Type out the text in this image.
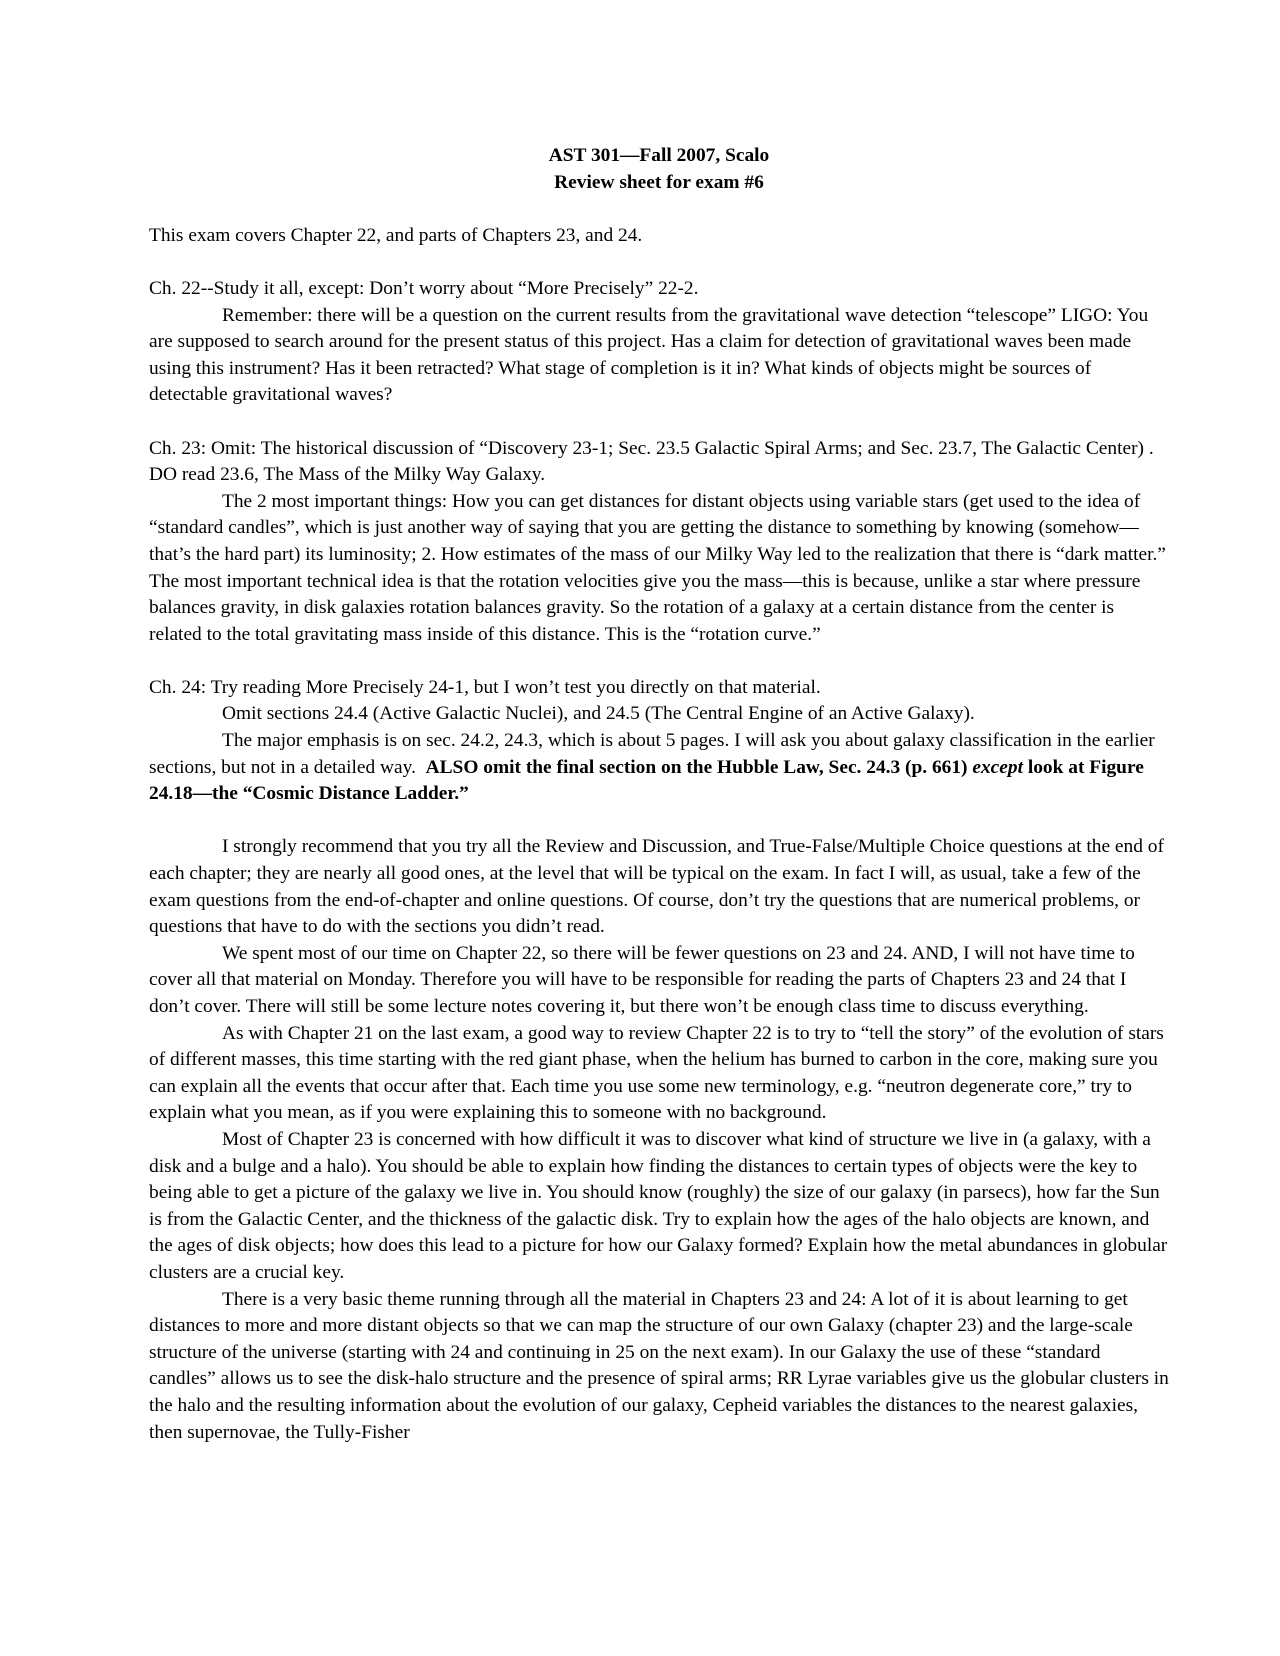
AST 301—Fall 2007, Scalo

Review sheet for exam #6

This exam covers Chapter 22, and parts of Chapters 23, and 24.

Ch. 22--Study it all, except: Don’t worry about “More Precisely” 22-2.

Remember: there will be a question on the current results from the gravitational wave detection “telescope” LIGO: You are supposed to search around for the present status of this project. Has a claim for detection of gravitational waves been made using this instrument? Has it been retracted? What stage of completion is it in? What kinds of objects might be sources of detectable gravitational waves?

Ch. 23: Omit: The historical discussion of “Discovery 23-1; Sec. 23.5 Galactic Spiral Arms; and Sec. 23.7, The Galactic Center) . DO read 23.6, The Mass of the Milky Way Galaxy.

The 2 most important things: How you can get distances for distant objects using variable stars (get used to the idea of “standard candles”, which is just another way of saying that you are getting the distance to something by knowing (somehow—that’s the hard part) its luminosity; 2. How estimates of the mass of our Milky Way led to the realization that there is “dark matter.” The most important technical idea is that the rotation velocities give you the mass—this is because, unlike a star where pressure balances gravity, in disk galaxies rotation balances gravity. So the rotation of a galaxy at a certain distance from the center is related to the total gravitating mass inside of this distance. This is the “rotation curve.”

Ch. 24: Try reading More Precisely 24-1, but I won’t test you directly on that material.

Omit sections 24.4 (Active Galactic Nuclei), and 24.5 (The Central Engine of an Active Galaxy).

The major emphasis is on sec. 24.2, 24.3, which is about 5 pages. I will ask you about galaxy classification in the earlier sections, but not in a detailed way. ALSO omit the final section on the Hubble Law, Sec. 24.3 (p. 661) except look at Figure 24.18—the “Cosmic Distance Ladder.”

I strongly recommend that you try all the Review and Discussion, and True-False/Multiple Choice questions at the end of each chapter; they are nearly all good ones, at the level that will be typical on the exam. In fact I will, as usual, take a few of the exam questions from the end-of-chapter and online questions. Of course, don’t try the questions that are numerical problems, or questions that have to do with the sections you didn’t read.

We spent most of our time on Chapter 22, so there will be fewer questions on 23 and 24. AND, I will not have time to cover all that material on Monday. Therefore you will have to be responsible for reading the parts of Chapters 23 and 24 that I don’t cover. There will still be some lecture notes covering it, but there won’t be enough class time to discuss everything.

As with Chapter 21 on the last exam, a good way to review Chapter 22 is to try to “tell the story” of the evolution of stars of different masses, this time starting with the red giant phase, when the helium has burned to carbon in the core, making sure you can explain all the events that occur after that. Each time you use some new terminology, e.g. “neutron degenerate core,” try to explain what you mean, as if you were explaining this to someone with no background.

Most of Chapter 23 is concerned with how difficult it was to discover what kind of structure we live in (a galaxy, with a disk and a bulge and a halo). You should be able to explain how finding the distances to certain types of objects were the key to being able to get a picture of the galaxy we live in. You should know (roughly) the size of our galaxy (in parsecs), how far the Sun is from the Galactic Center, and the thickness of the galactic disk. Try to explain how the ages of the halo objects are known, and the ages of disk objects; how does this lead to a picture for how our Galaxy formed? Explain how the metal abundances in globular clusters are a crucial key.

There is a very basic theme running through all the material in Chapters 23 and 24: A lot of it is about learning to get distances to more and more distant objects so that we can map the structure of our own Galaxy (chapter 23) and the large-scale structure of the universe (starting with 24 and continuing in 25 on the next exam). In our Galaxy the use of these “standard candles” allows us to see the disk-halo structure and the presence of spiral arms; RR Lyrae variables give us the globular clusters in the halo and the resulting information about the evolution of our galaxy, Cepheid variables the distances to the nearest galaxies, then supernovae, the Tully-Fisher
